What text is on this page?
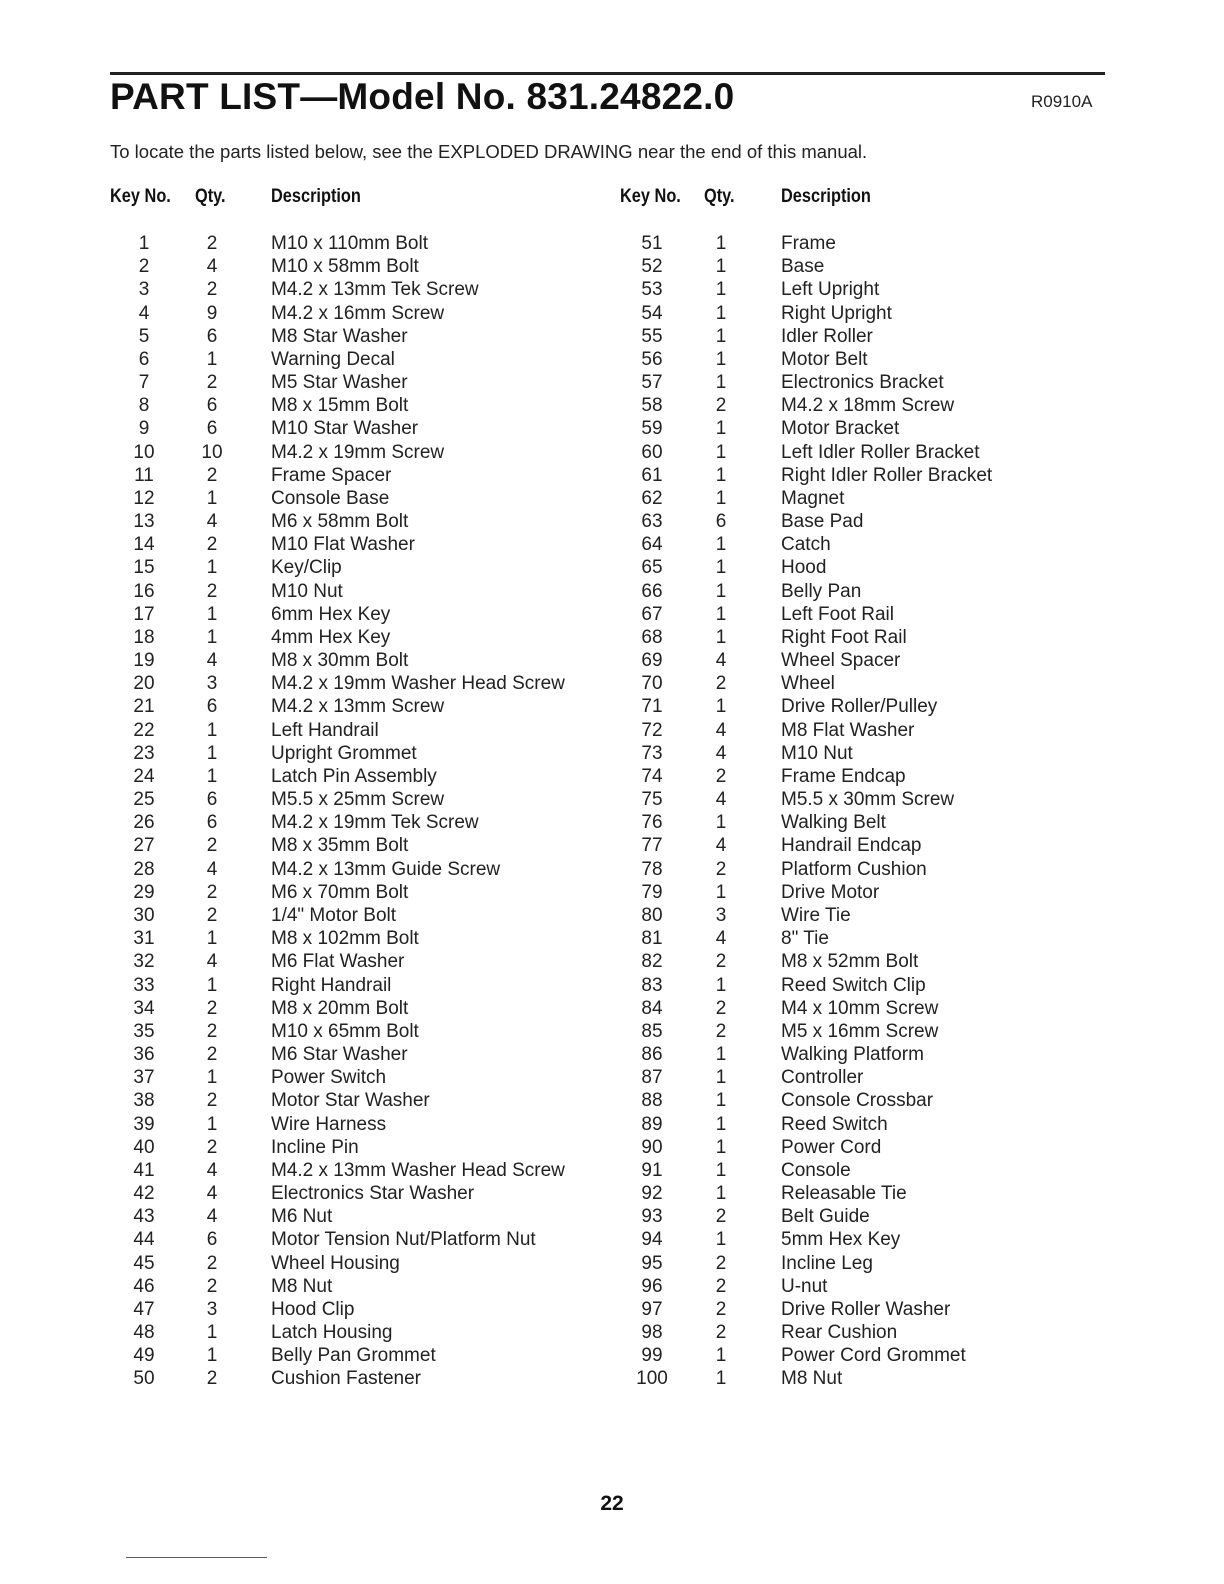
PART LIST—Model No. 831.24822.0	R0910A
To locate the parts listed below, see the EXPLODED DRAWING near the end of this manual.
Key No. Qty. Description	Key No. Qty. Description
1	2	M10 x 110mm Bolt
2	4	M10 x 58mm Bolt
3	2	M4.2 x 13mm Tek Screw
4	9	M4.2 x 16mm Screw
5	6	M8 Star Washer
6	1	Warning Decal
7	2	M5 Star Washer
8	6	M8 x 15mm Bolt
9	6	M10 Star Washer
10	10	M4.2 x 19mm Screw
11	2	Frame Spacer
12	1	Console Base
13	4	M6 x 58mm Bolt
14	2	M10 Flat Washer
15	1	Key/Clip
16	2	M10 Nut
17	1	6mm Hex Key
18	1	4mm Hex Key
19	4	M8 x 30mm Bolt
20	3	M4.2 x 19mm Washer Head Screw
21	6	M4.2 x 13mm Screw
22	1	Left Handrail
23	1	Upright Grommet
24	1	Latch Pin Assembly
25	6	M5.5 x 25mm Screw
26	6	M4.2 x 19mm Tek Screw
27	2	M8 x 35mm Bolt
28	4	M4.2 x 13mm Guide Screw
29	2	M6 x 70mm Bolt
30	2	1/4" Motor Bolt
31	1	M8 x 102mm Bolt
32	4	M6 Flat Washer
33	1	Right Handrail
34	2	M8 x 20mm Bolt
35	2	M10 x 65mm Bolt
36	2	M6 Star Washer
37	1	Power Switch
38	2	Motor Star Washer
39	1	Wire Harness
40	2	Incline Pin
41	4	M4.2 x 13mm Washer Head Screw
42	4	Electronics Star Washer
43	4	M6 Nut
44	6	Motor Tension Nut/Platform Nut
45	2	Wheel Housing
46	2	M8 Nut
47	3	Hood Clip
48	1	Latch Housing
49	1	Belly Pan Grommet
50	2	Cushion Fastener
51	1	Frame
52	1	Base
53	1	Left Upright
54	1	Right Upright
55	1	Idler Roller
56	1	Motor Belt
57	1	Electronics Bracket
58	2	M4.2 x 18mm Screw
59	1	Motor Bracket
60	1	Left Idler Roller Bracket
61	1	Right Idler Roller Bracket
62	1	Magnet
63	6	Base Pad
64	1	Catch
65	1	Hood
66	1	Belly Pan
67	1	Left Foot Rail
68	1	Right Foot Rail
69	4	Wheel Spacer
70	2	Wheel
71	1	Drive Roller/Pulley
72	4	M8 Flat Washer
73	4	M10 Nut
74	2	Frame Endcap
75	4	M5.5 x 30mm Screw
76	1	Walking Belt
77	4	Handrail Endcap
78	2	Platform Cushion
79	1	Drive Motor
80	3	Wire Tie
81	4	8" Tie
82	2	M8 x 52mm Bolt
83	1	Reed Switch Clip
84	2	M4 x 10mm Screw
85	2	M5 x 16mm Screw
86	1	Walking Platform
87	1	Controller
88	1	Console Crossbar
89	1	Reed Switch
90	1	Power Cord
91	1	Console
92	1	Releasable Tie
93	2	Belt Guide
94	1	5mm Hex Key
95	2	Incline Leg
96	2	U-nut
97	2	Drive Roller Washer
98	2	Rear Cushion
99	1	Power Cord Grommet
100	1	M8 Nut
22
